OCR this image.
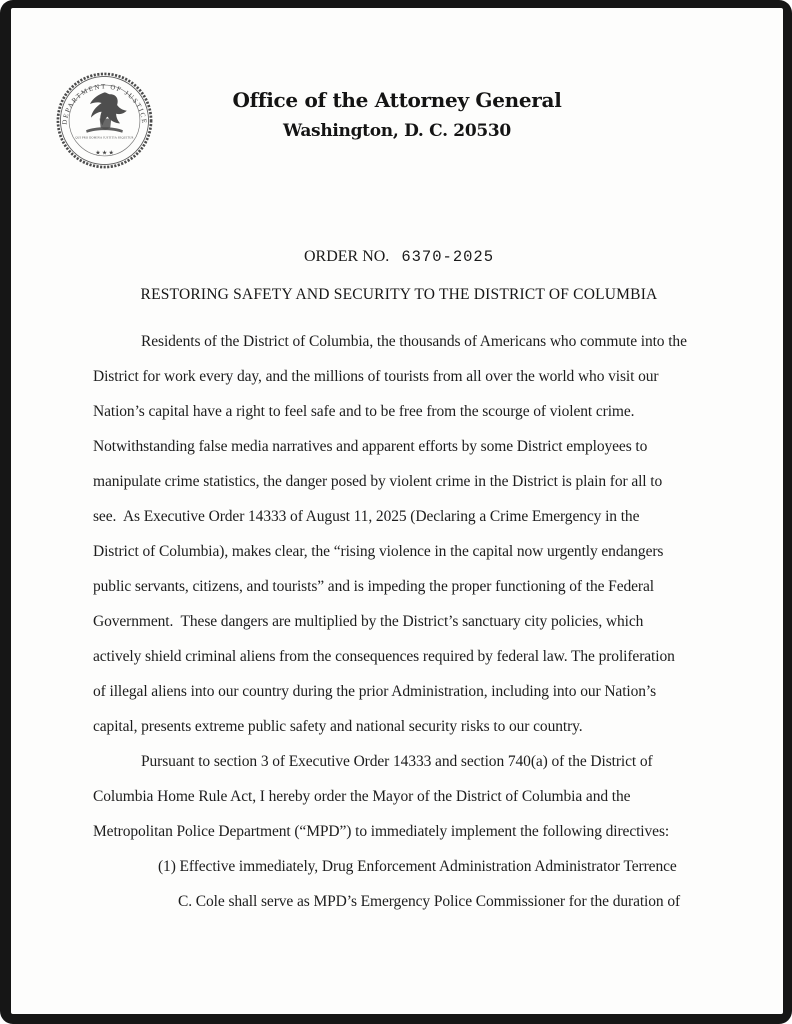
DEPARTMENT OF JUSTICE
QUI PRO DOMINA JUSTITIA SEQUITUR
★ ★ ★
Office of the Attorney General
Washington, D. C. 20530
ORDER NO. 6370-2025
RESTORING SAFETY AND SECURITY TO THE DISTRICT OF COLUMBIA
Residents of the District of Columbia, the thousands of Americans who commute into the
District for work every day, and the millions of tourists from all over the world who visit our
Nation’s capital have a right to feel safe and to be free from the scourge of violent crime.
Notwithstanding false media narratives and apparent efforts by some District employees to
manipulate crime statistics, the danger posed by violent crime in the District is plain for all to
see.  As Executive Order 14333 of August 11, 2025 (Declaring a Crime Emergency in the
District of Columbia), makes clear, the “rising violence in the capital now urgently endangers
public servants, citizens, and tourists” and is impeding the proper functioning of the Federal
Government.  These dangers are multiplied by the District’s sanctuary city policies, which
actively shield criminal aliens from the consequences required by federal law. The proliferation
of illegal aliens into our country during the prior Administration, including into our Nation’s
capital, presents extreme public safety and national security risks to our country.
Pursuant to section 3 of Executive Order 14333 and section 740(a) of the District of
Columbia Home Rule Act, I hereby order the Mayor of the District of Columbia and the
Metropolitan Police Department (“MPD”) to immediately implement the following directives:
(1) Effective immediately, Drug Enforcement Administration Administrator Terrence
C. Cole shall serve as MPD’s Emergency Police Commissioner for the duration of
